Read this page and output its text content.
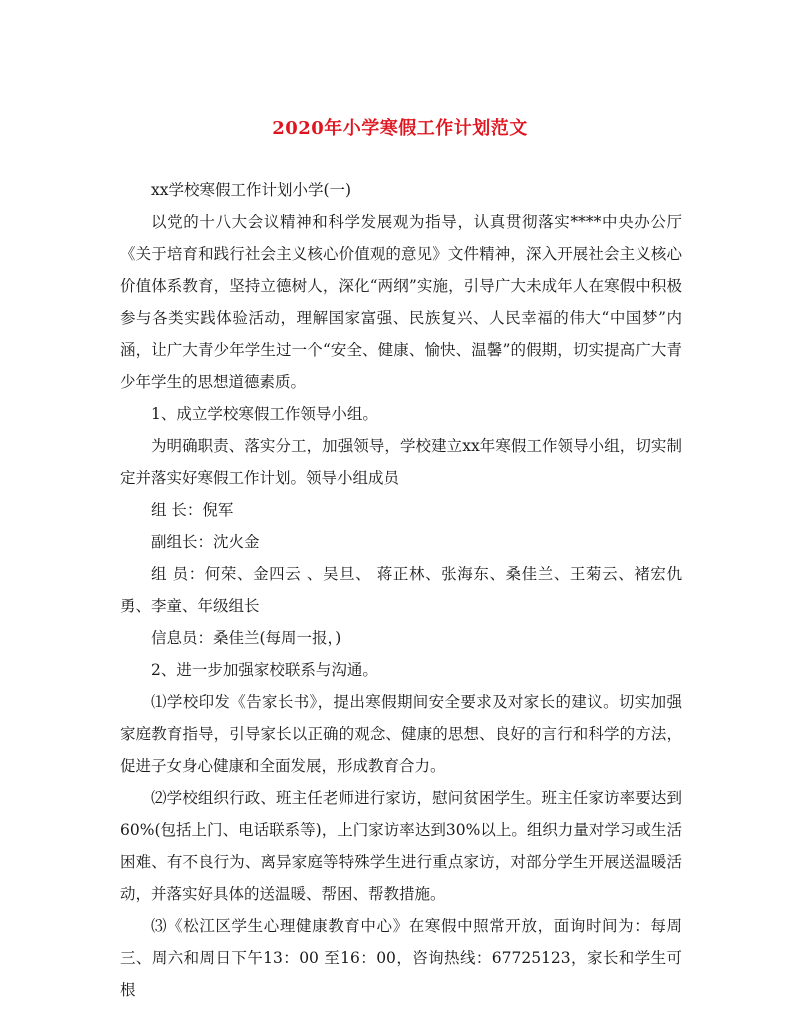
2020年小学寒假工作计划范文

xx学校寒假工作计划小学(一)

以党的十八大会议精神和科学发展观为指导，认真贯彻落实****中央办公厅《关于培育和践行社会主义核心价值观的意见》文件精神，深入开展社会主义核心价值体系教育，坚持立德树人，深化“两纲”实施，引导广大未成年人在寒假中积极参与各类实践体验活动，理解国家富强、民族复兴、人民幸福的伟大“中国梦”内涵，让广大青少年学生过一个“安全、健康、愉快、温馨”的假期，切实提高广大青少年学生的思想道德素质。

1、成立学校寒假工作领导小组。

为明确职责、落实分工，加强领导，学校建立xx年寒假工作领导小组，切实制定并落实好寒假工作计划。领导小组成员

组 长：倪军

副组长：沈火金

组 员：何荣、金四云 、吴旦、 蒋正林、张海东、桑佳兰、王菊云、褚宏仇勇、李童、年级组长

信息员：桑佳兰(每周一报，)

2、进一步加强家校联系与沟通。

⑴学校印发《告家长书》，提出寒假期间安全要求及对家长的建议。切实加强家庭教育指导，引导家长以正确的观念、健康的思想、良好的言行和科学的方法，促进子女身心健康和全面发展，形成教育合力。

⑵学校组织行政、班主任老师进行家访，慰问贫困学生。班主任家访率要达到60%(包括上门、电话联系等)，上门家访率达到30%以上。组织力量对学习或生活困难、有不良行为、离异家庭等特殊学生进行重点家访，对部分学生开展送温暖活动，并落实好具体的送温暖、帮困、帮教措施。

⑶《松江区学生心理健康教育中心》在寒假中照常开放，面询时间为：每周三、周六和周日下午13：00 至16：00，咨询热线：67725123，家长和学生可根
